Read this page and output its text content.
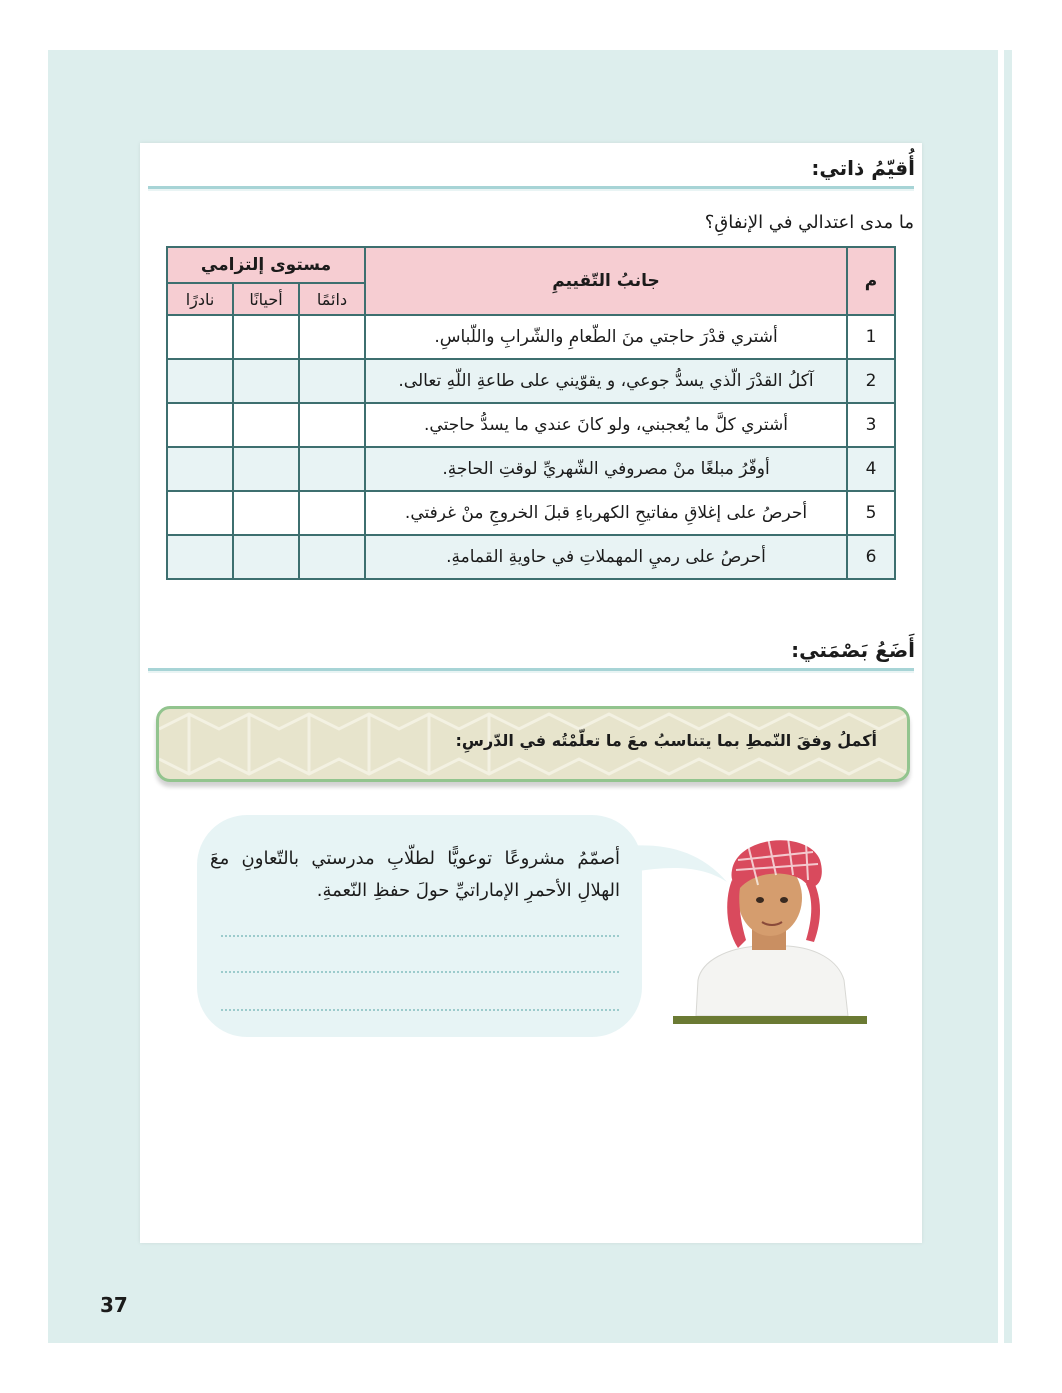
أُقيّمُ ذاتي:
ما مدى اعتدالي في الإنفاقِ؟
م	جانبُ التّقييمِ	مستوى إلتزامي		
		دائمًا	أحيانًا	نادرًا
1	أشتري قدْرَ حاجتي منَ الطّعامِ والشّرابِ واللّباسِ.			
2	آكلُ القدْرَ الّذي يسدُّ جوعي، و يقوّيني على طاعةِ اللّهِ تعالى.			
3	أشتري كلَّ ما يُعجبني، ولو كانَ عندي ما يسدُّ حاجتي.			
4	أوفّرُ مبلغًا منْ مصروفي الشّهريِّ لوقتِ الحاجةِ.			
5	أحرصُ على إغلاقِ مفاتيحِ الكهرباءِ قبلَ الخروجِ منْ غرفتي.			
6	أحرصُ على رميِ المهملاتِ في حاويةِ القمامةِ.			
أَضَعُ بَصْمَتي:
أكملُ وفقَ النّمطِ بما يتناسبُ معَ ما تعلّمْتُه في الدّرسِ:
أصمّمُ مشروعًا توعويًّا لطلّابِ مدرستي بالتّعاونِ معَ الهلالِ الأحمرِ الإماراتيِّ حولَ حفظِ النّعمةِ.
37
